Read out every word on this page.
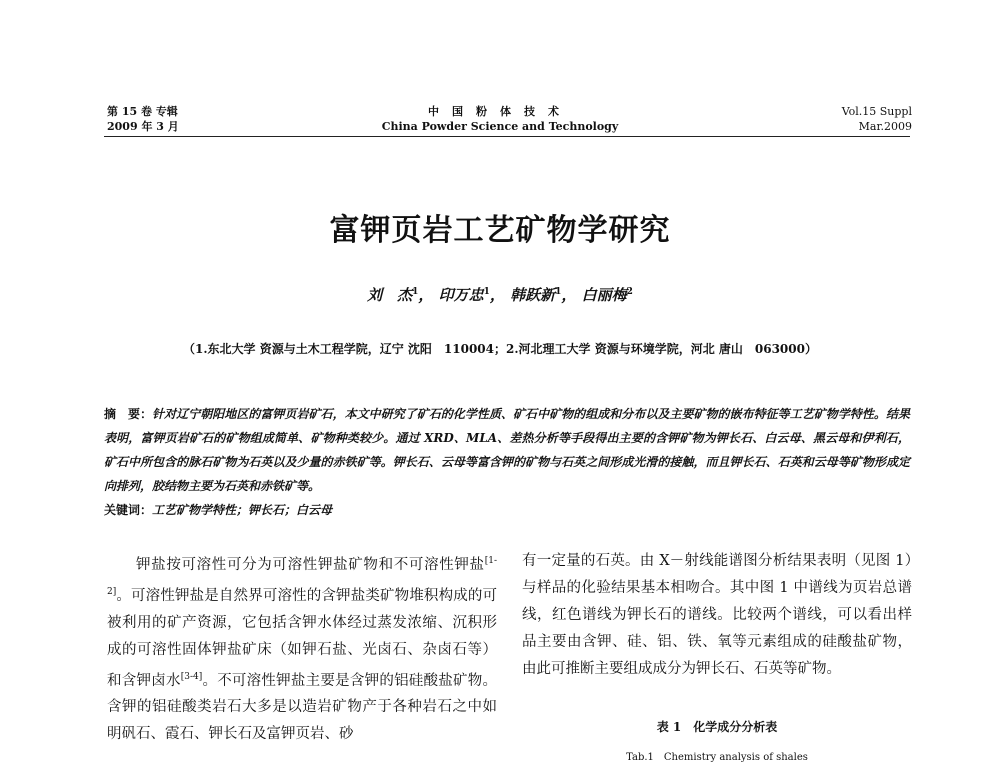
第 15 卷 专辑
2009 年 3 月
中国粉体技术
China Powder Science and Technology
Vol.15 Suppl
Mar.2009
富钾页岩工艺矿物学研究
刘　杰$^1$， 印万忠$^1$， 韩跃新$^1$， 白丽梅$^2$
（1.东北大学 资源与土木工程学院，辽宁 沈阳　110004；2.河北理工大学 资源与环境学院，河北 唐山　063000）
摘　要：针对辽宁朝阳地区的富钾页岩矿石，本文中研究了矿石的化学性质、矿石中矿物的组成和分布以及主要矿物的嵌布特征等工艺矿物学特性。结果表明，富钾页岩矿石的矿物组成简单、矿物种类较少。通过 XRD、MLA、差热分析等手段得出主要的含钾矿物为钾长石、白云母、黑云母和伊利石，矿石中所包含的脉石矿物为石英以及少量的赤铁矿等。钾长石、云母等富含钾的矿物与石英之间形成光滑的接触，而且钾长石、石英和云母等矿物形成定向排列，胶结物主要为石英和赤铁矿等。
关键词：工艺矿物学特性；钾长石；白云母

钾盐按可溶性可分为可溶性钾盐矿物和不可溶性钾盐[1-2]。可溶性钾盐是自然界可溶性的含钾盐类矿物堆积构成的可被利用的矿产资源，它包括含钾水体经过蒸发浓缩、沉积形成的可溶性固体钾盐矿床（如钾石盐、光卤石、杂卤石等）和含钾卤水[3-4]。不可溶性钾盐主要是含钾的铝硅酸盐矿物。含钾的铝硅酸类岩石大多是以造岩矿物产于各种岩石之中如明矾石、霞石、钾长石及富钾页岩、砂

有一定量的石英。由 X－射线能谱图分析结果表明（见图 1）与样品的化验结果基本相吻合。其中图 1 中谱线为页岩总谱线，红色谱线为钾长石的谱线。比较两个谱线，可以看出样品主要由含钾、硅、铝、铁、氧等元素组成的硅酸盐矿物，由此可推断主要组成成分为钾长石、石英等矿物。

表 1　化学成分分析表
Tab.1　Chemistry analysis of shales
